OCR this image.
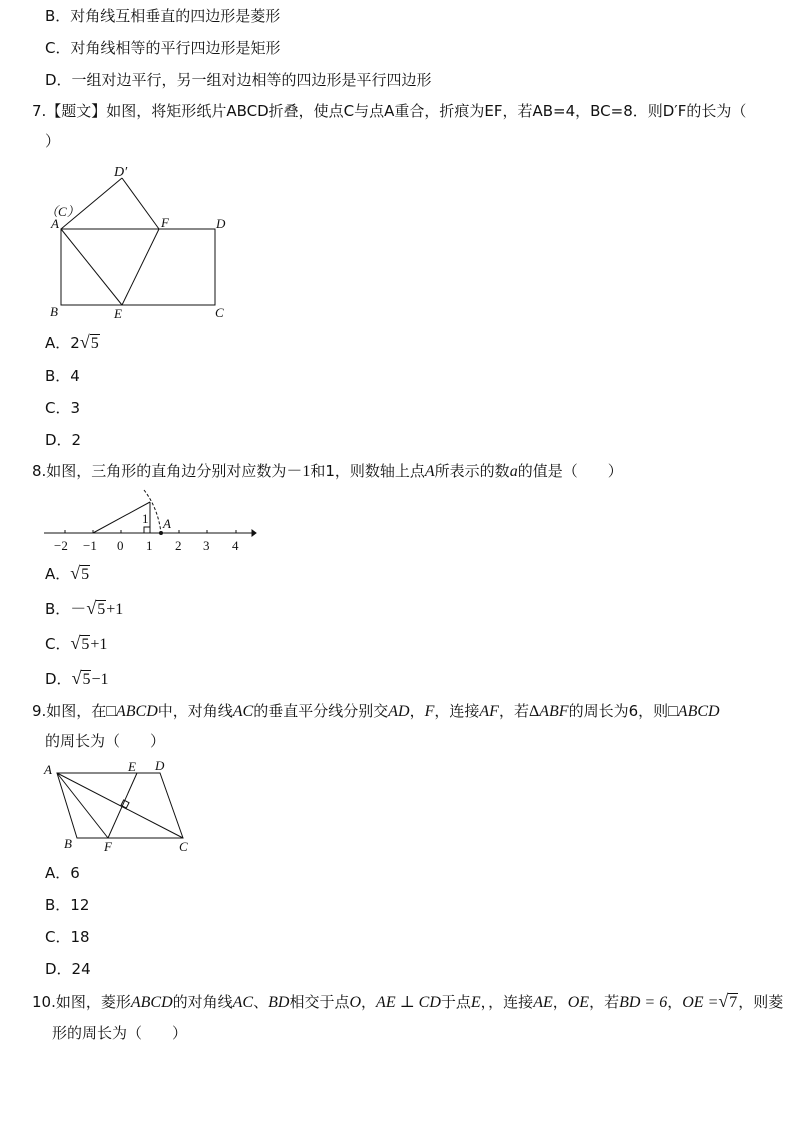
B．对角线互相垂直的四边形是菱形
C．对角线相等的平行四边形是矩形
D．一组对边平行，另一组对边相等的四边形是平行四边形
7.【题文】如图，将矩形纸片ABCD折叠，使点C与点A重合，折痕为EF，若AB=4，BC=8．则D′F的长为（
）
D′
（C）
A	F	D
B	E	C
A．2√5
B．4
C．3
D．2
8.如图，三角形的直角边分别对应数为－1和1，则数轴上点A所表示的数a的值是（　　）
1 A
−2 −1 0 1 2 3 4
A．√5
B．－√5+1
C．√5+1
D．√5−1
9.如图，在□ABCD中，对角线AC的垂直平分线分别交AD，F，连接AF，若ΔABF的周长为6，则□ABCD
的周长为（　　）
A	E D
B F	C
A．6
B．12
C．18
D．24
10.如图，菱形ABCD的对角线AC、BD相交于点O，AE ⊥ CD于点E，，连接AE，OE，若BD = 6，OE =√7，则菱
形的周长为（　　）
